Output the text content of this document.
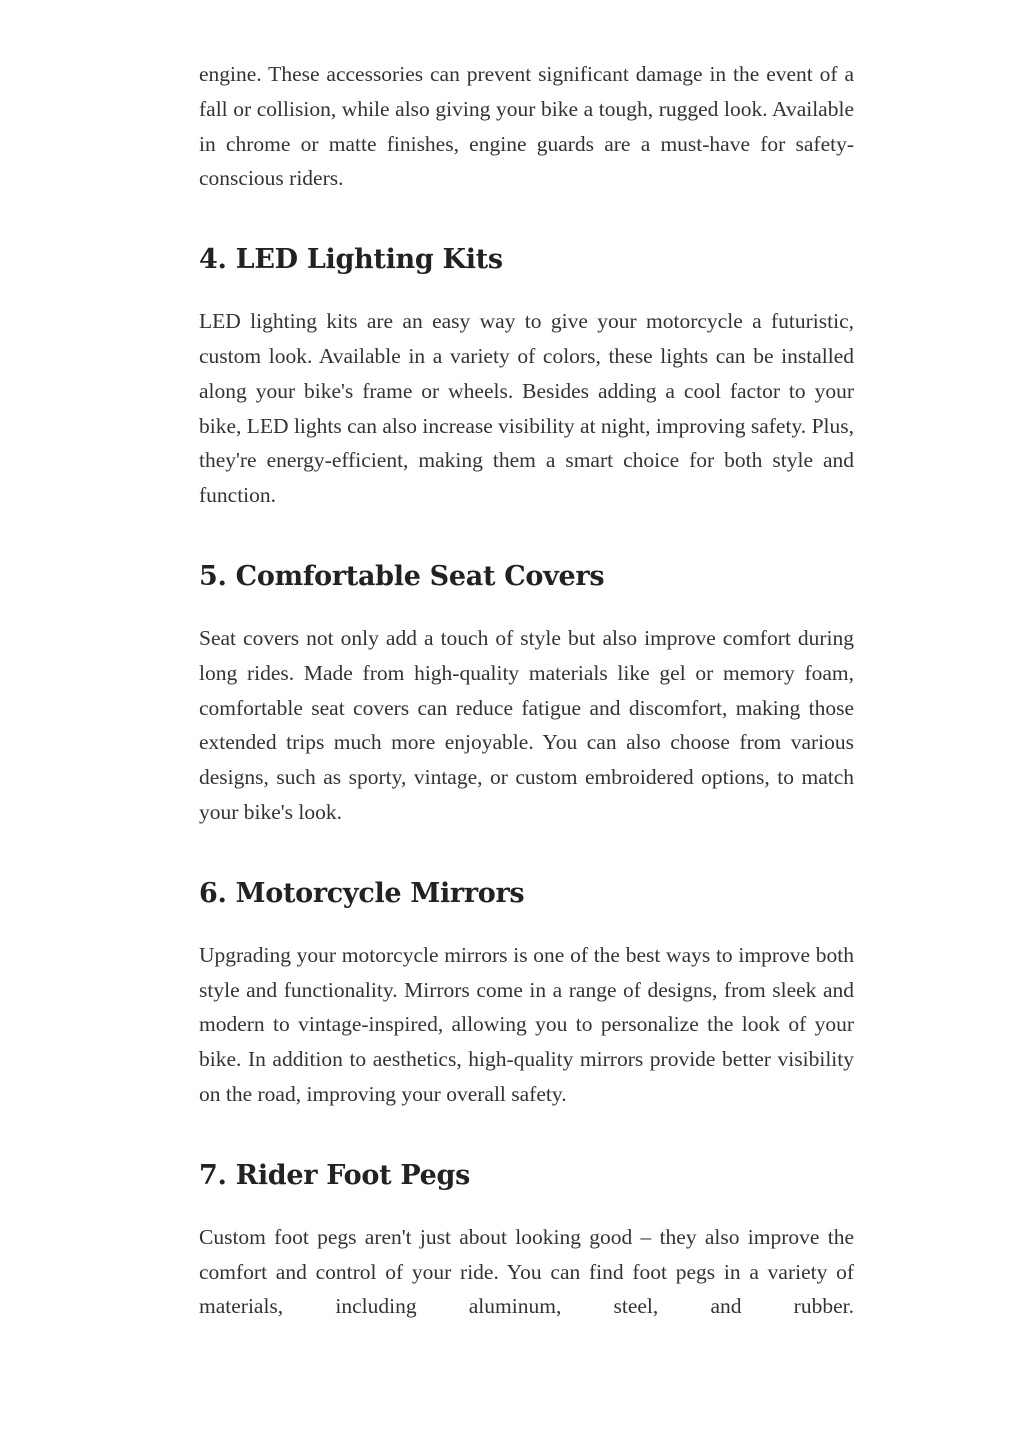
engine. These accessories can prevent significant damage in the event of a fall or collision, while also giving your bike a tough, rugged look. Available in chrome or matte finishes, engine guards are a must-have for safety-conscious riders.

4. LED Lighting Kits

LED lighting kits are an easy way to give your motorcycle a futuristic, custom look. Available in a variety of colors, these lights can be installed along your bike's frame or wheels. Besides adding a cool factor to your bike, LED lights can also increase visibility at night, improving safety. Plus, they're energy-efficient, making them a smart choice for both style and function.

5. Comfortable Seat Covers

Seat covers not only add a touch of style but also improve comfort during long rides. Made from high-quality materials like gel or memory foam, comfortable seat covers can reduce fatigue and discomfort, making those extended trips much more enjoyable. You can also choose from various designs, such as sporty, vintage, or custom embroidered options, to match your bike's look.

6. Motorcycle Mirrors

Upgrading your motorcycle mirrors is one of the best ways to improve both style and functionality. Mirrors come in a range of designs, from sleek and modern to vintage-inspired, allowing you to personalize the look of your bike. In addition to aesthetics, high-quality mirrors provide better visibility on the road, improving your overall safety.

7. Rider Foot Pegs

Custom foot pegs aren't just about looking good – they also improve the comfort and control of your ride. You can find foot pegs in a variety of materials, including aluminum, steel, and rubber.
